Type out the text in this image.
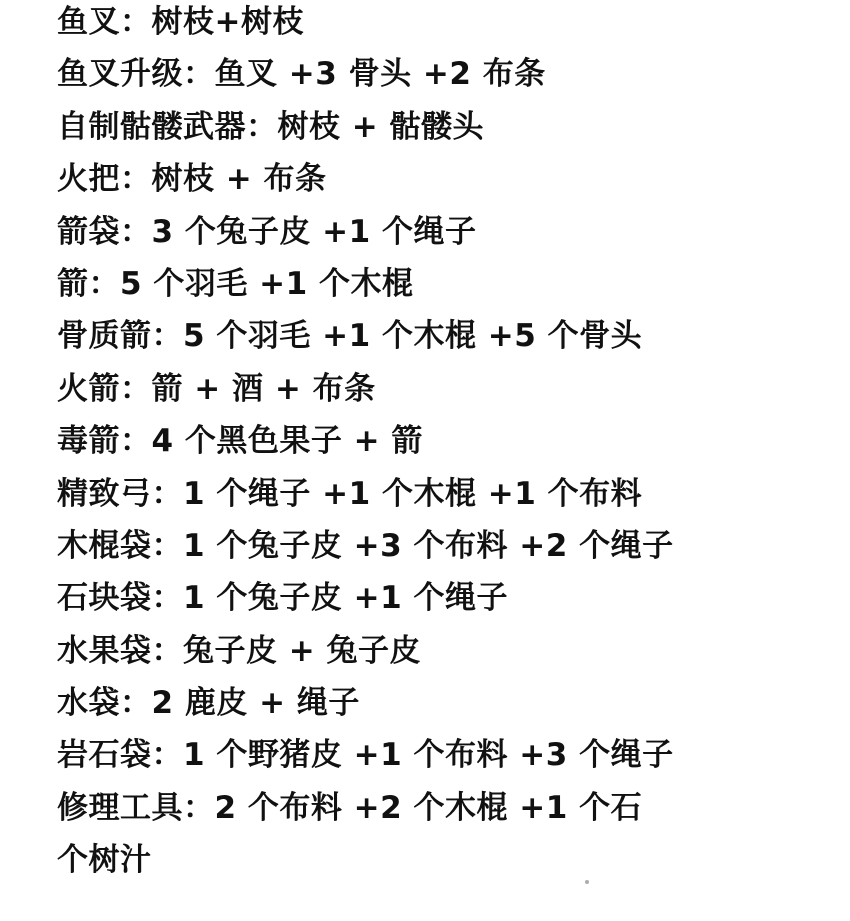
鱼叉：树枝+树枝
鱼叉升级：鱼叉 +3 骨头 +2 布条
自制骷髅武器：树枝 + 骷髅头
火把：树枝 + 布条
箭袋：3 个兔子皮 +1 个绳子
箭：5 个羽毛 +1 个木棍
骨质箭：5 个羽毛 +1 个木棍 +5 个骨头
火箭：箭 + 酒 + 布条
毒箭：4 个黑色果子 + 箭
精致弓：1 个绳子 +1 个木棍 +1 个布料
木棍袋：1 个兔子皮 +3 个布料 +2 个绳子
石块袋：1 个兔子皮 +1 个绳子
水果袋：兔子皮 + 兔子皮
水袋：2 鹿皮 + 绳子
岩石袋：1 个野猪皮 +1 个布料 +3 个绳子
修理工具：2 个布料 +2 个木棍 +1 个石
个树汁
